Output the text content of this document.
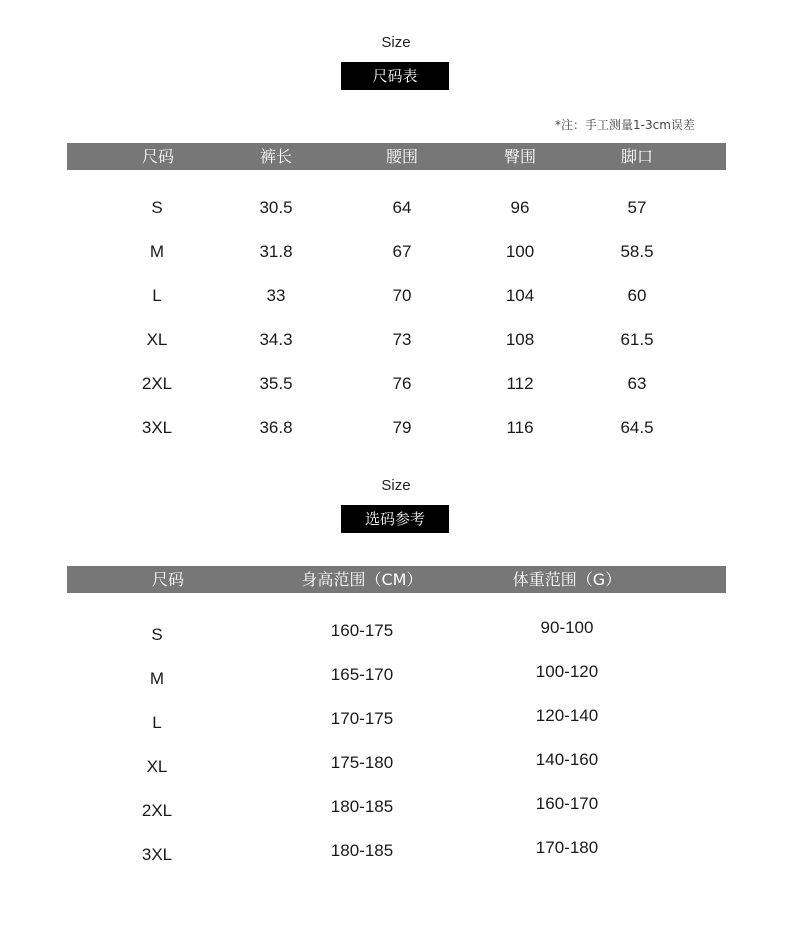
Size
尺码表
*注：手工测量1-3cm误差
尺码	裤长	腰围	臀围	脚口
S	30.5	64	96	57
M	31.8	67	100	58.5
L	33	70	104	60
XL	34.3	73	108	61.5
2XL	35.5	76	112	63
3XL	36.8	79	116	64.5
Size
选码参考
尺码	身高范围（CM）	体重范围（G）
S	160-175	90-100
M	165-170	100-120
L	170-175	120-140
XL	175-180	140-160
2XL	180-185	160-170
3XL	180-185	170-180
